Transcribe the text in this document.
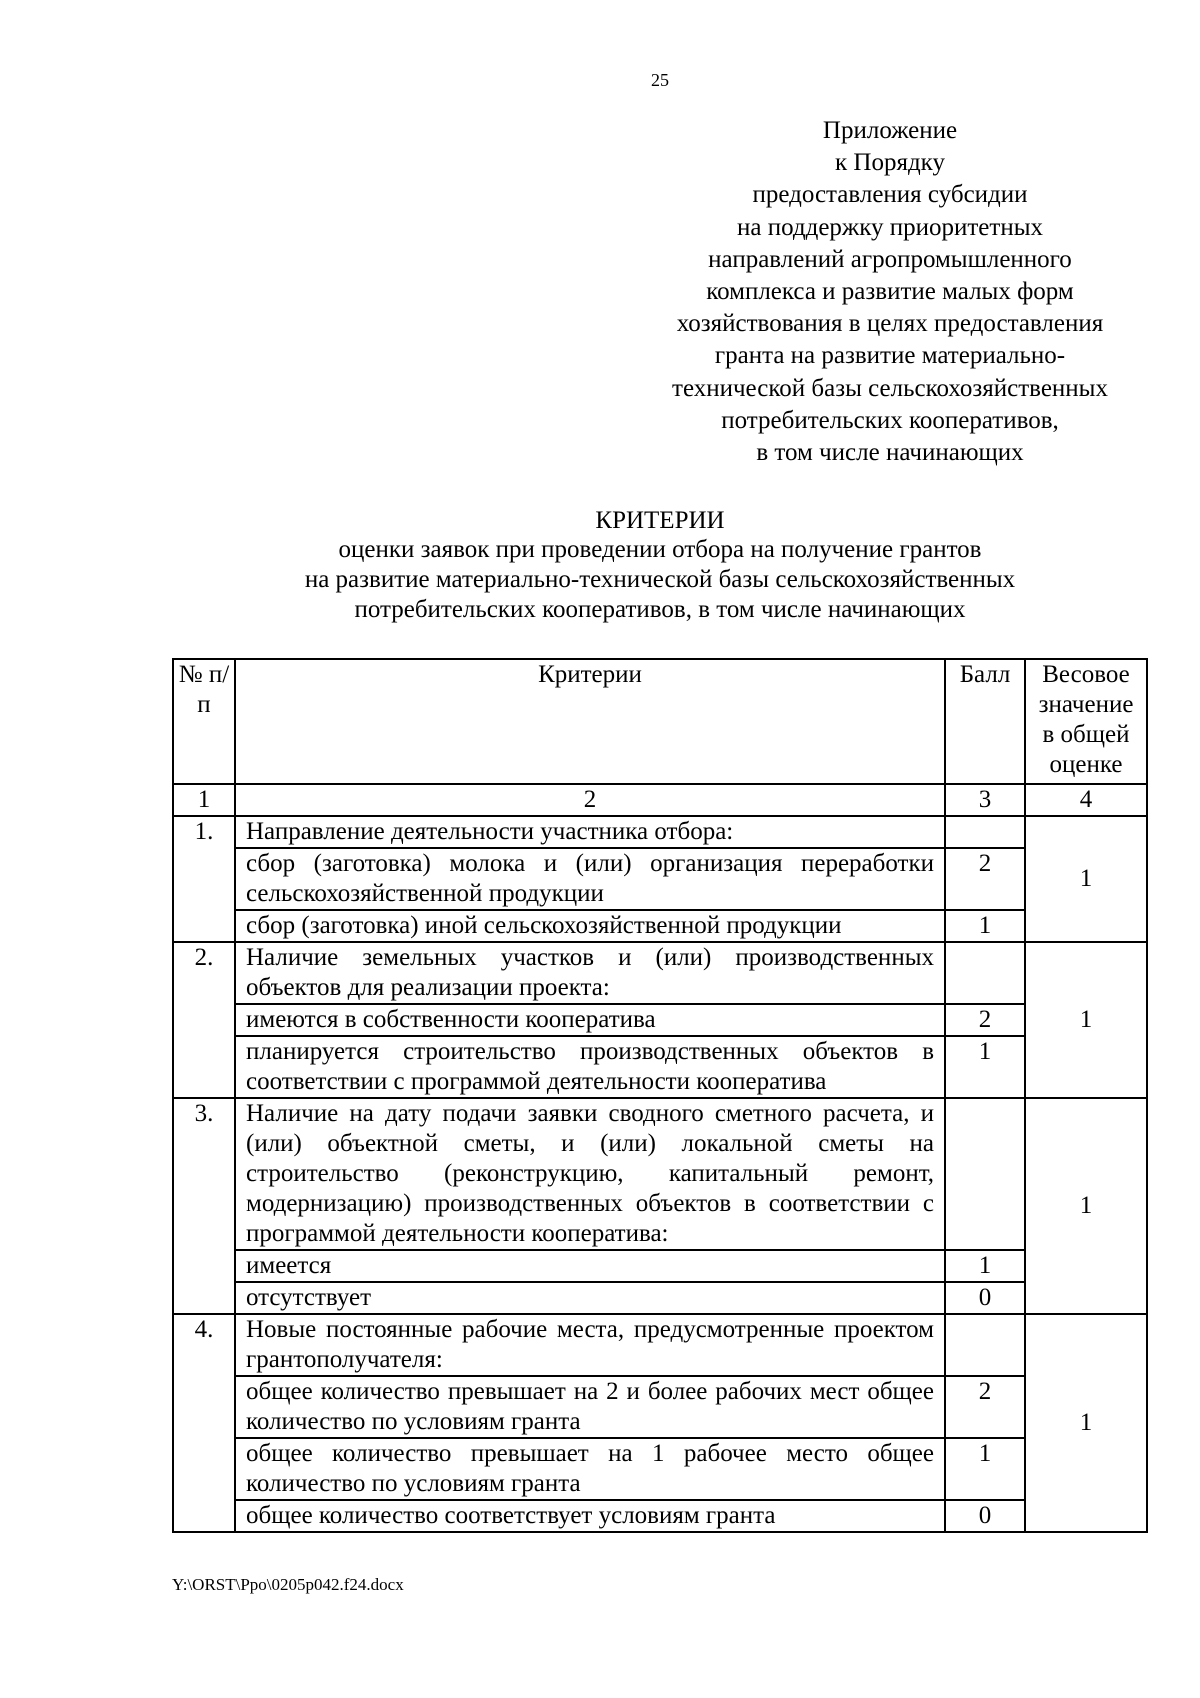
25
Приложение
к Порядку
предоставления субсидии
на поддержку приоритетных
направлений агропромышленного
комплекса и развитие малых форм
хозяйствования в целях предоставления
гранта на развитие материально-
технической базы сельскохозяйственных
потребительских кооперативов,
в том числе начинающих
КРИТЕРИИ
оценки заявок при проведении отбора на получение грантов
на развитие материально-технической базы сельскохозяйственных
потребительских кооперативов, в том числе начинающих
№ п/п	Критерии	Балл	Весовое значение в общей оценке
1	2	3	4
1.	Направление деятельности участника отбора:		1
	сбор (заготовка) молока и (или) организация переработки сельскохозяйственной продукции	2	
	сбор (заготовка) иной сельскохозяйственной продукции	1	
2.	Наличие земельных участков и (или) производственных объектов для реализации проекта:		1
	имеются в собственности кооператива	2	
	планируется строительство производственных объектов в соответствии с программой деятельности кооператива	1	
3.	Наличие на дату подачи заявки сводного сметного расчета, и (или) объектной сметы, и (или) локальной сметы на строительство (реконструкцию, капитальный ремонт, модернизацию) производственных объектов в соответствии с программой деятельности кооператива:		1
	имеется	1	
	отсутствует	0	
4.	Новые постоянные рабочие места, предусмотренные проектом грантополучателя:		1
	общее количество превышает на 2 и более рабочих мест общее количество по условиям гранта	2	
	общее количество превышает на 1 рабочее место общее количество по условиям гранта	1	
	общее количество соответствует условиям гранта	0	
Y:\ORST\Ppo\0205p042.f24.docx
